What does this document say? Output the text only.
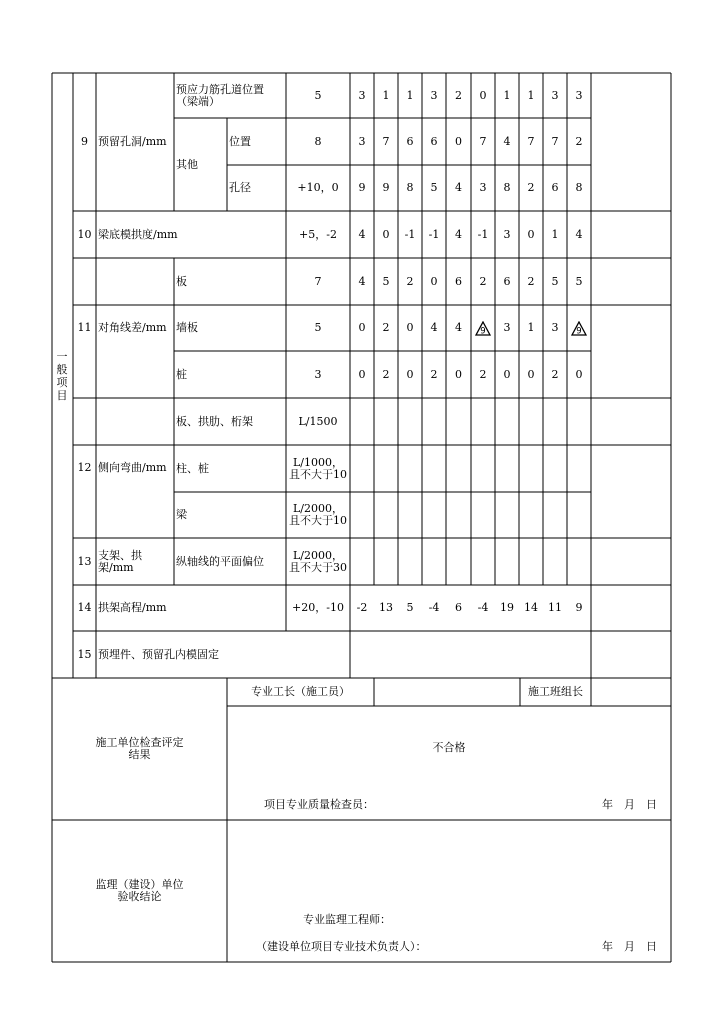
一般项目
9 预留孔洞/mm
预应力筋孔道位置（梁端）	5	3	1	1	3	2	0	1	1	3	3
其他
位置	8	3	7	6	6	0	7	4	7	7	2
孔径	+10，0	9	9	8	5	4	3	8	2	6	8
10 梁底模拱度/mm	+5，-2	4	0	-1	-1	4	-1	3	0	1	4
11 对角线差/mm
板	7	4	5	2	0	6	2	6	2	5	5
墙板	5	0	2	0	4	4	9	3	1	3	9
桩	3	0	2	0	2	0	2	0	0	2	0
12 侧向弯曲/mm
板、拱肋、桁架	L/1500
柱、桩	L/1000，且不大于10
梁	L/2000，且不大于10
13 支架、拱架/mm	纵轴线的平面偏位	L/2000，且不大于30
14 拱架高程/mm	+20，-10	-2	13	5	-4	6	-4	19 14 11	9
15 预埋件、预留孔内模固定
施工单位检查评定结果
专业工长（施工员）	施工班组长
不合格
项目专业质量检查员：	年　月　日
监理（建设）单位验收结论
专业监理工程师：
（建设单位项目专业技术负责人）：	年　月　日
